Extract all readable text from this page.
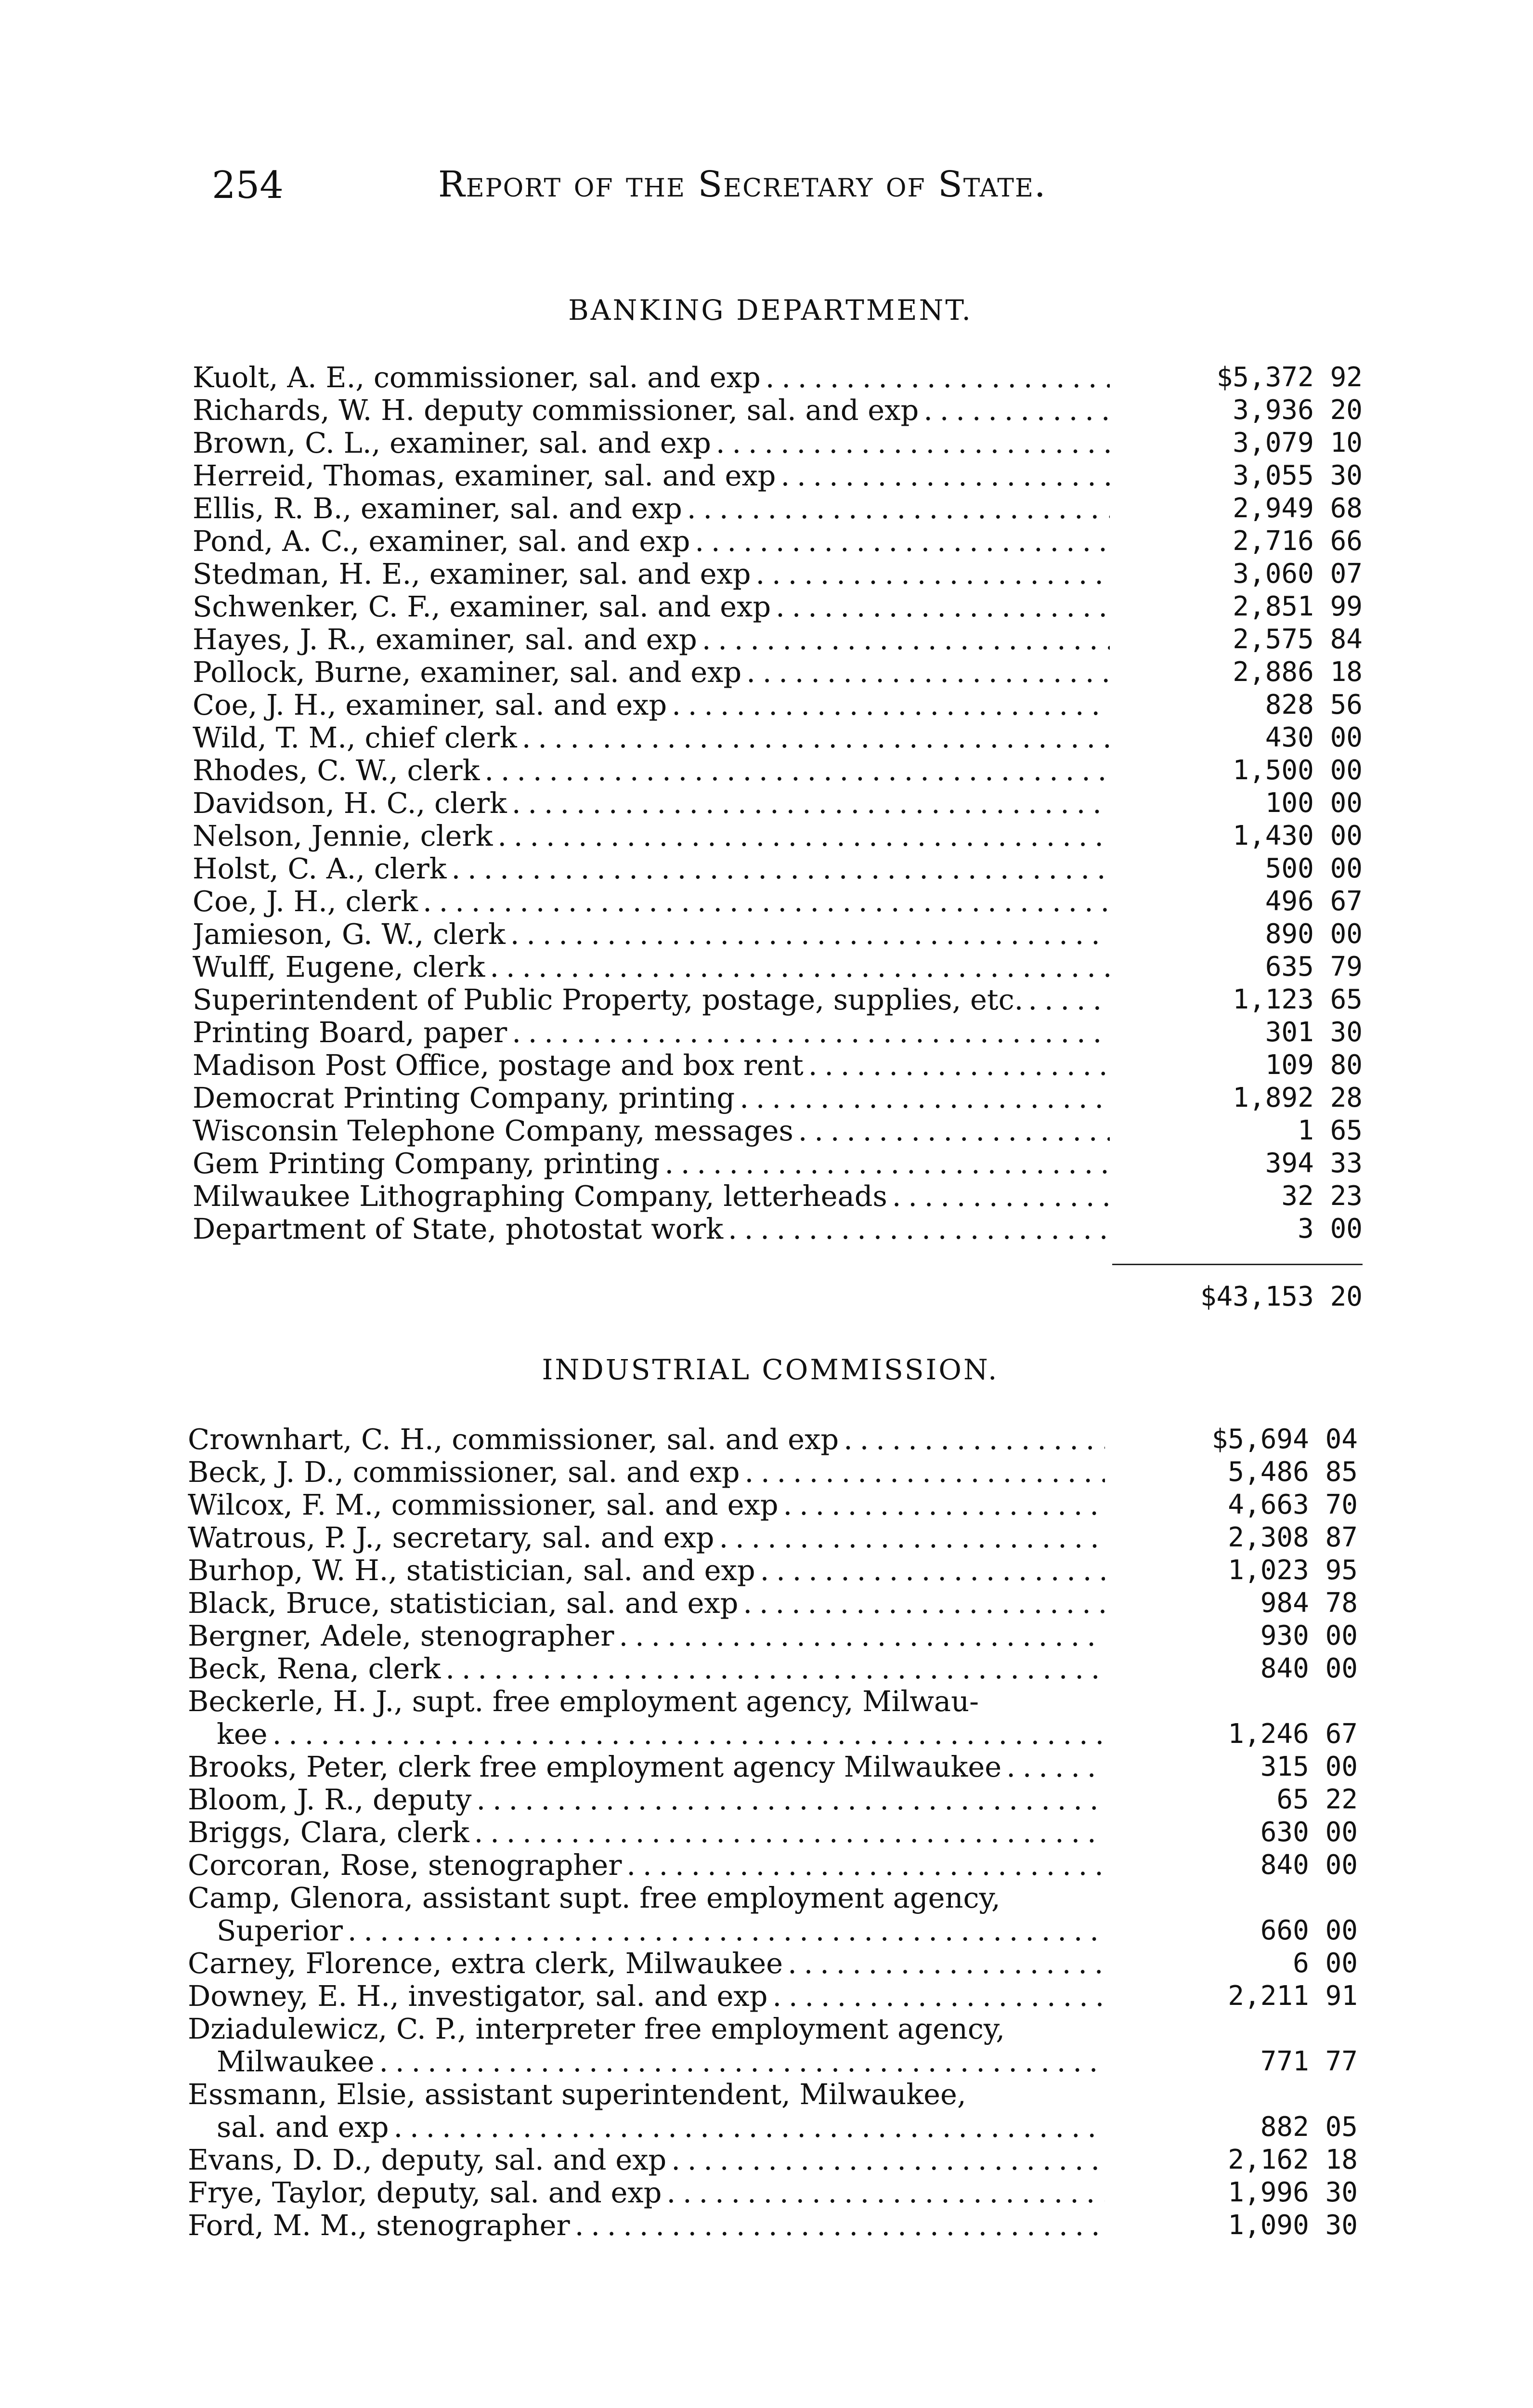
254	Report of the Secretary of State.
BANKING DEPARTMENT.
Kuolt, A. E., commissioner, sal. and exp . . .	$5,372 92
Richards, W. H. deputy commissioner, sal. and exp . . .	3,936 20
Brown, C. L., examiner, sal. and exp . . .	3,079 10
Herreid, Thomas, examiner, sal. and exp . . .	3,055 30
Ellis, R. B., examiner, sal. and exp . . .	2,949 68
Pond, A. C., examiner, sal. and exp . . .	2,716 66
Stedman, H. E., examiner, sal. and exp . . .	3,060 07
Schwenker, C. F., examiner, sal. and exp . . .	2,851 99
Hayes, J. R., examiner, sal. and exp . . .	2,575 84
Pollock, Burne, examiner, sal. and exp . . .	2,886 18
Coe, J. H., examiner, sal. and exp . . .	828 56
Wild, T. M., chief clerk . . .	430 00
Rhodes, C. W., clerk . . .	1,500 00
Davidson, H. C., clerk . . .	100 00
Nelson, Jennie, clerk . . .	1,430 00
Holst, C. A., clerk . . .	500 00
Coe, J. H., clerk . . .	496 67
Jamieson, G. W., clerk . . .	890 00
Wulff, Eugene, clerk . . .	635 79
Superintendent of Public Property, postage, supplies, etc. . . .	1,123 65
Printing Board, paper . . .	301 30
Madison Post Office, postage and box rent . . .	109 80
Democrat Printing Company, printing . . .	1,892 28
Wisconsin Telephone Company, messages . . .	1 65
Gem Printing Company, printing . . .	394 33
Milwaukee Lithographing Company, letterheads . . .	32 23
Department of State, photostat work . . .	3 00
$43,153 20
INDUSTRIAL COMMISSION.
Crownhart, C. H., commissioner, sal. and exp . . .	$5,694 04
Beck, J. D., commissioner, sal. and exp . . .	5,486 85
Wilcox, F. M., commissioner, sal. and exp . . .	4,663 70
Watrous, P. J., secretary, sal. and exp . . .	2,308 87
Burhop, W. H., statistician, sal. and exp . . .	1,023 95
Black, Bruce, statistician, sal. and exp . . .	984 78
Bergner, Adele, stenographer . . .	930 00
Beck, Rena, clerk . . .	840 00
Beckerle, H. J., supt. free employment agency, Milwau-
kee . . .	1,246 67
Brooks, Peter, clerk free employment agency Milwaukee . . .	315 00
Bloom, J. R., deputy . . .	65 22
Briggs, Clara, clerk . . .	630 00
Corcoran, Rose, stenographer . . .	840 00
Camp, Glenora, assistant supt. free employment agency,
Superior . . .	660 00
Carney, Florence, extra clerk, Milwaukee . . .	6 00
Downey, E. H., investigator, sal. and exp . . .	2,211 91
Dziadulewicz, C. P., interpreter free employment agency,
Milwaukee . . .	771 77
Essmann, Elsie, assistant superintendent, Milwaukee,
sal. and exp . . .	882 05
Evans, D. D., deputy, sal. and exp . . .	2,162 18
Frye, Taylor, deputy, sal. and exp . . .	1,996 30
Ford, M. M., stenographer . . .	1,090 30
